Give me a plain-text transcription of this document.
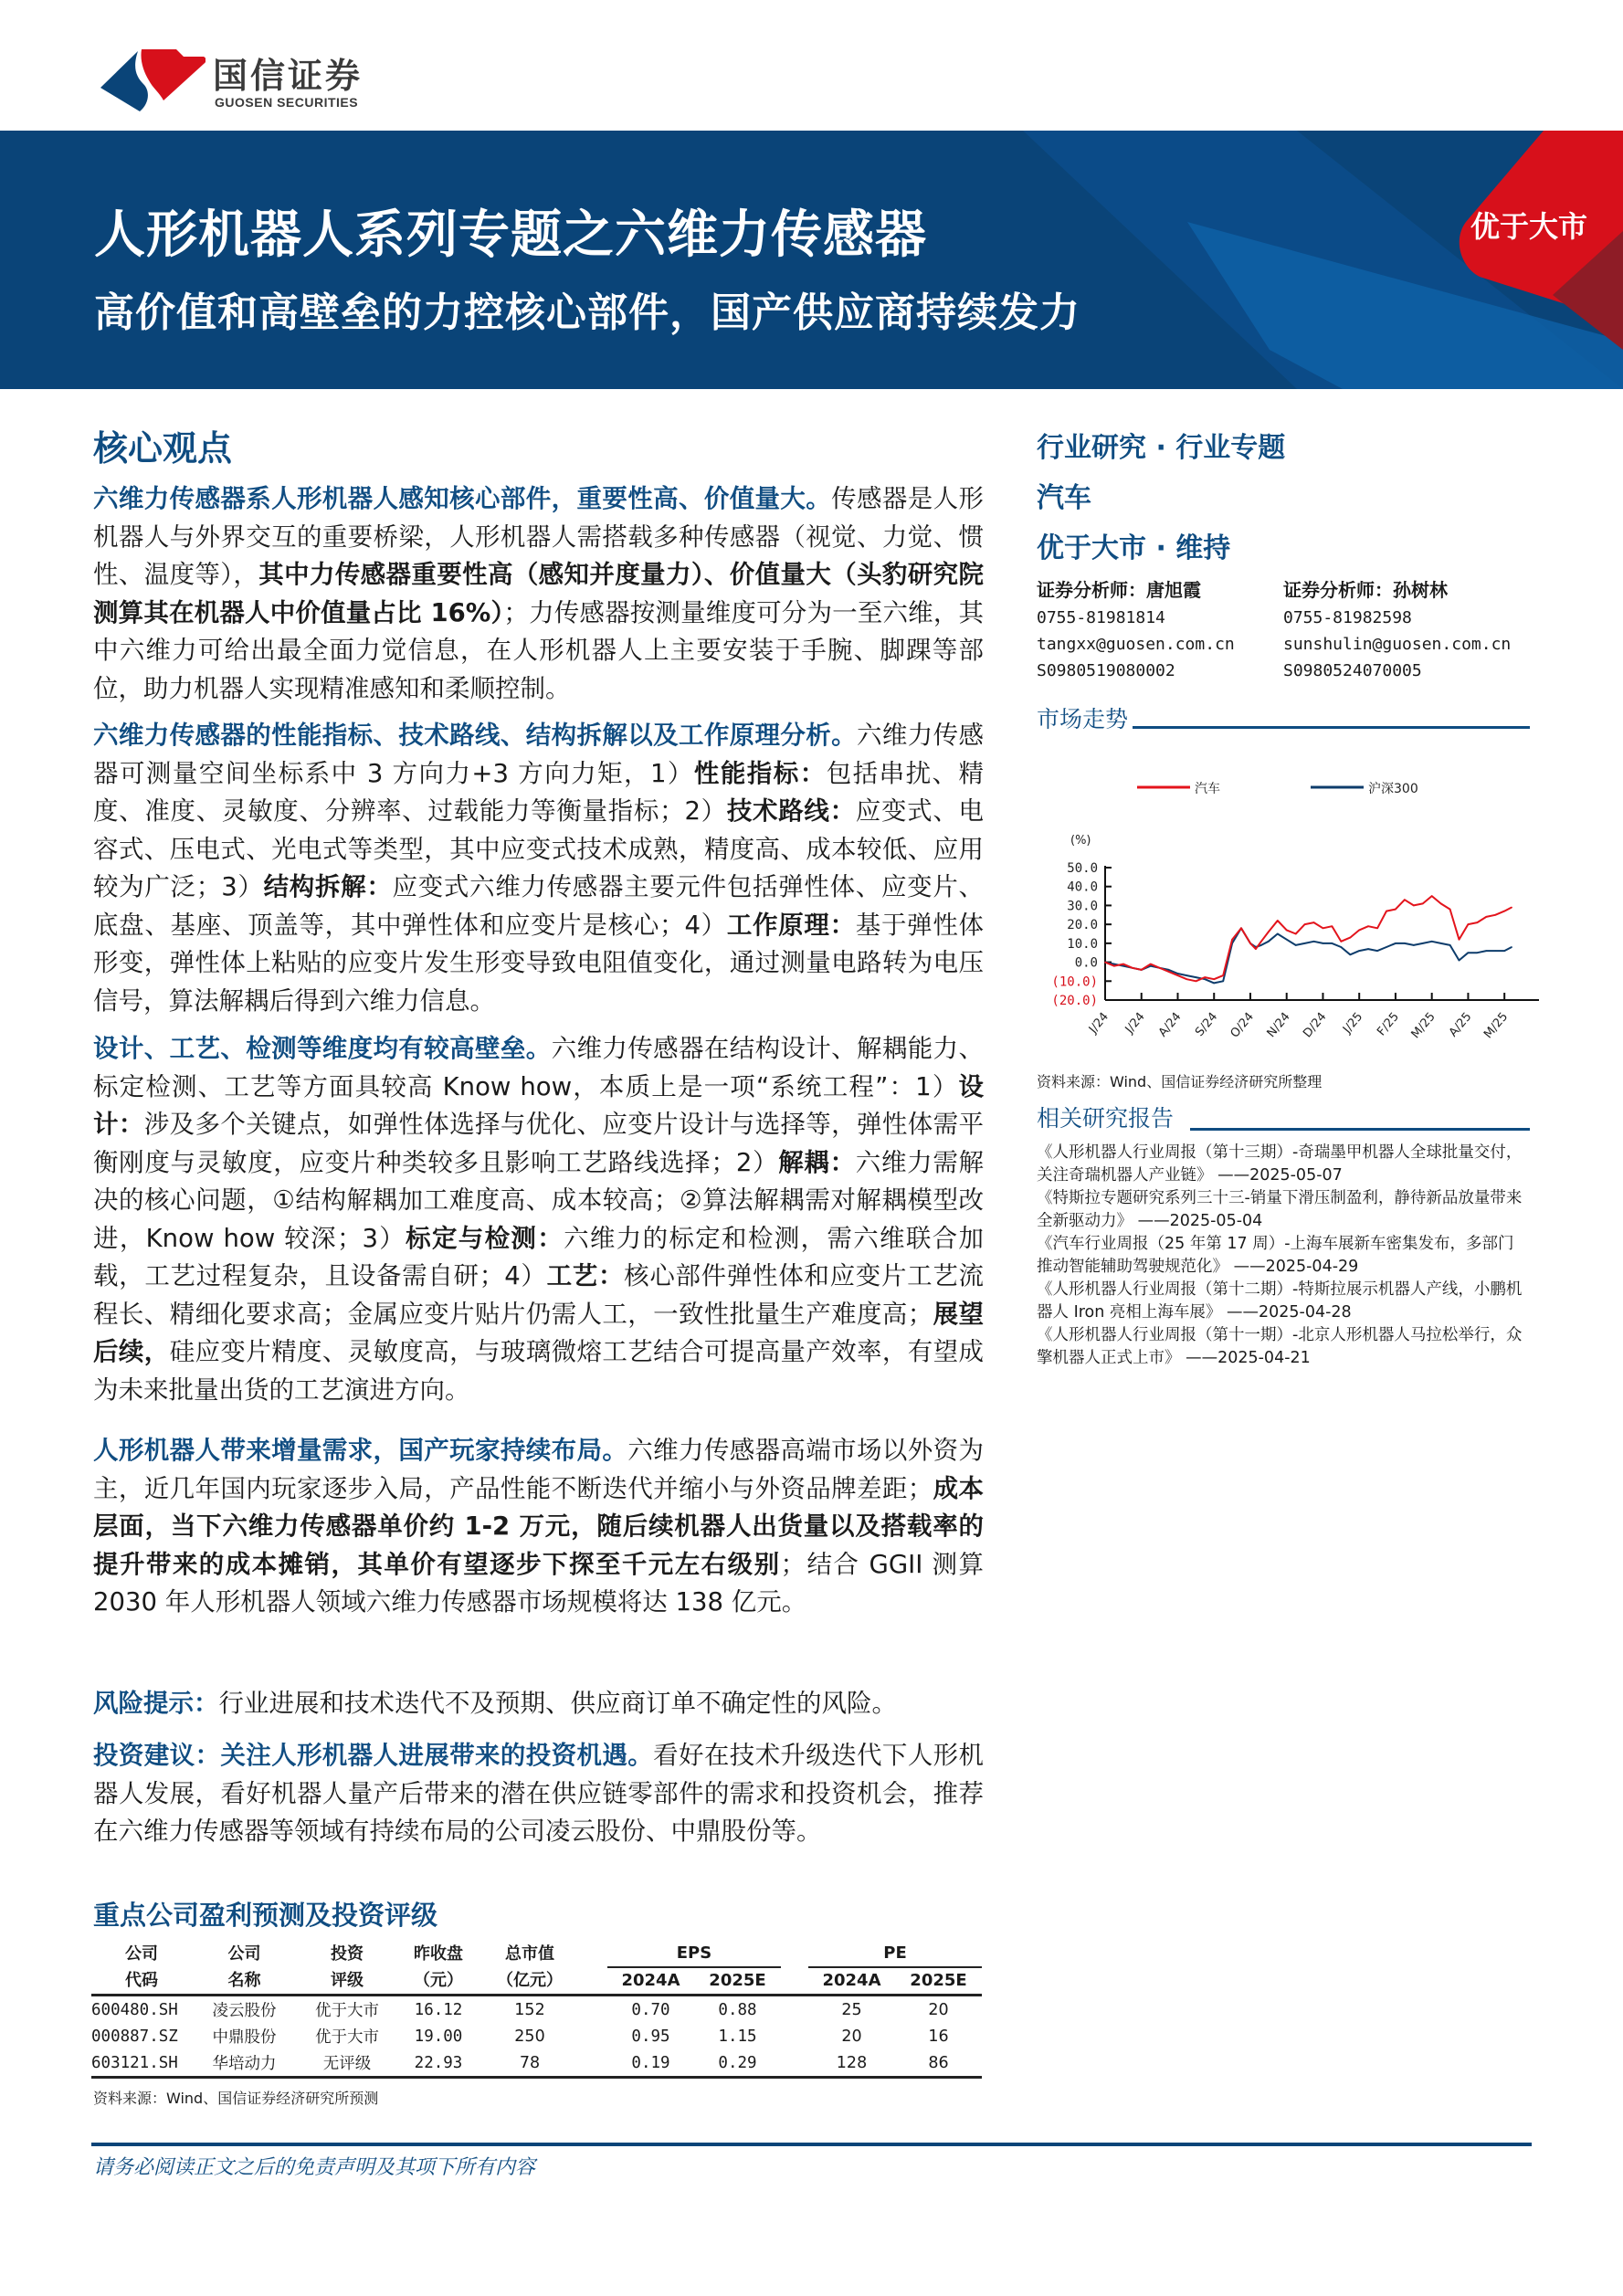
国信证券
GUOSEN SECURITIES
人形机器人系列专题之六维力传感器
高价值和高壁垒的力控核心部件，国产供应商持续发力
优于大市
核心观点
六维力传感器系人形机器人感知核心部件，重要性高、价值量大。传感器是人形机器人与外界交互的重要桥梁，人形机器人需搭载多种传感器（视觉、力觉、惯性、温度等），其中力传感器重要性高（感知并度量力）、价值量大（头豹研究院测算其在机器人中价值量占比 16%）；力传感器按测量维度可分为一至六维，其中六维力可给出最全面力觉信息，在人形机器人上主要安装于手腕、脚踝等部位，助力机器人实现精准感知和柔顺控制。
六维力传感器的性能指标、技术路线、结构拆解以及工作原理分析。六维力传感器可测量空间坐标系中 3 方向力+3 方向力矩，1）性能指标：包括串扰、精度、准度、灵敏度、分辨率、过载能力等衡量指标；2）技术路线：应变式、电容式、压电式、光电式等类型，其中应变式技术成熟，精度高、成本较低、应用较为广泛；3）结构拆解：应变式六维力传感器主要元件包括弹性体、应变片、底盘、基座、顶盖等，其中弹性体和应变片是核心；4）工作原理：基于弹性体形变，弹性体上粘贴的应变片发生形变导致电阻值变化，通过测量电路转为电压信号，算法解耦后得到六维力信息。
设计、工艺、检测等维度均有较高壁垒。六维力传感器在结构设计、解耦能力、标定检测、工艺等方面具较高 Know how，本质上是一项“系统工程”：1）设计：涉及多个关键点，如弹性体选择与优化、应变片设计与选择等，弹性体需平衡刚度与灵敏度，应变片种类较多且影响工艺路线选择；2）解耦：六维力需解决的核心问题，①结构解耦加工难度高、成本较高；②算法解耦需对解耦模型改进，Know how 较深；3）标定与检测：六维力的标定和检测，需六维联合加载，工艺过程复杂，且设备需自研；4）工艺：核心部件弹性体和应变片工艺流程长、精细化要求高；金属应变片贴片仍需人工，一致性批量生产难度高；展望后续，硅应变片精度、灵敏度高，与玻璃微熔工艺结合可提高量产效率，有望成为未来批量出货的工艺演进方向。
人形机器人带来增量需求，国产玩家持续布局。六维力传感器高端市场以外资为主，近几年国内玩家逐步入局，产品性能不断迭代并缩小与外资品牌差距；成本层面，当下六维力传感器单价约 1-2 万元，随后续机器人出货量以及搭载率的提升带来的成本摊销，其单价有望逐步下探至千元左右级别；结合 GGII 测算 2030 年人形机器人领域六维力传感器市场规模将达 138 亿元。
风险提示：行业进展和技术迭代不及预期、供应商订单不确定性的风险。
投资建议：关注人形机器人进展带来的投资机遇。看好在技术升级迭代下人形机器人发展，看好机器人量产后带来的潜在供应链零部件的需求和投资机会，推荐在六维力传感器等领域有持续布局的公司凌云股份、中鼎股份等。
行业研究 · 行业专题
汽车
优于大市 · 维持
证券分析师：唐旭霞
0755-81981814
tangxx@guosen.com.cn
S0980519080002
证券分析师：孙树林
0755-81982598
sunshulin@guosen.com.cn
S0980524070005
市场走势
汽车	沪深300
(%)
50.0
40.0
30.0
20.0
10.0
0.0
(10.0)
(20.0)
J/24 J/24 A/24 S/24 O/24 N/24 D/24 J/25 F/25 M/25 A/25 M/25
资料来源：Wind、国信证券经济研究所整理
相关研究报告

《人形机器人行业周报（第十三期）-奇瑞墨甲机器人全球批量交付，关注奇瑞机器人产业链》 ——2025-05-07

《特斯拉专题研究系列三十三-销量下滑压制盈利，静待新品放量带来全新驱动力》 ——2025-05-04

《汽车行业周报（25 年第 17 周）-上海车展新车密集发布，多部门推动智能辅助驾驶规范化》 ——2025-04-29

《人形机器人行业周报（第十二期）-特斯拉展示机器人产线，小鹏机器人 Iron 亮相上海车展》 ——2025-04-28

《人形机器人行业周报（第十一期）-北京人形机器人马拉松举行，众擎机器人正式上市》 ——2025-04-21

重点公司盈利预测及投资评级
公司	公司	投资	昨收盘	总市值		EPS			PE	
代码	名称	评级	（元）	（亿元）		2024A	2025E		2024A	2025E
600480.SH	凌云股份	优于大市	16.12	152		0.70	0.88		25	20
000887.SZ	中鼎股份	优于大市	19.00	250		0.95	1.15		20	16
603121.SH	华培动力	无评级	22.93	78		0.19	0.29		128	86
资料来源：Wind、国信证券经济研究所预测
请务必阅读正文之后的免责声明及其项下所有内容
